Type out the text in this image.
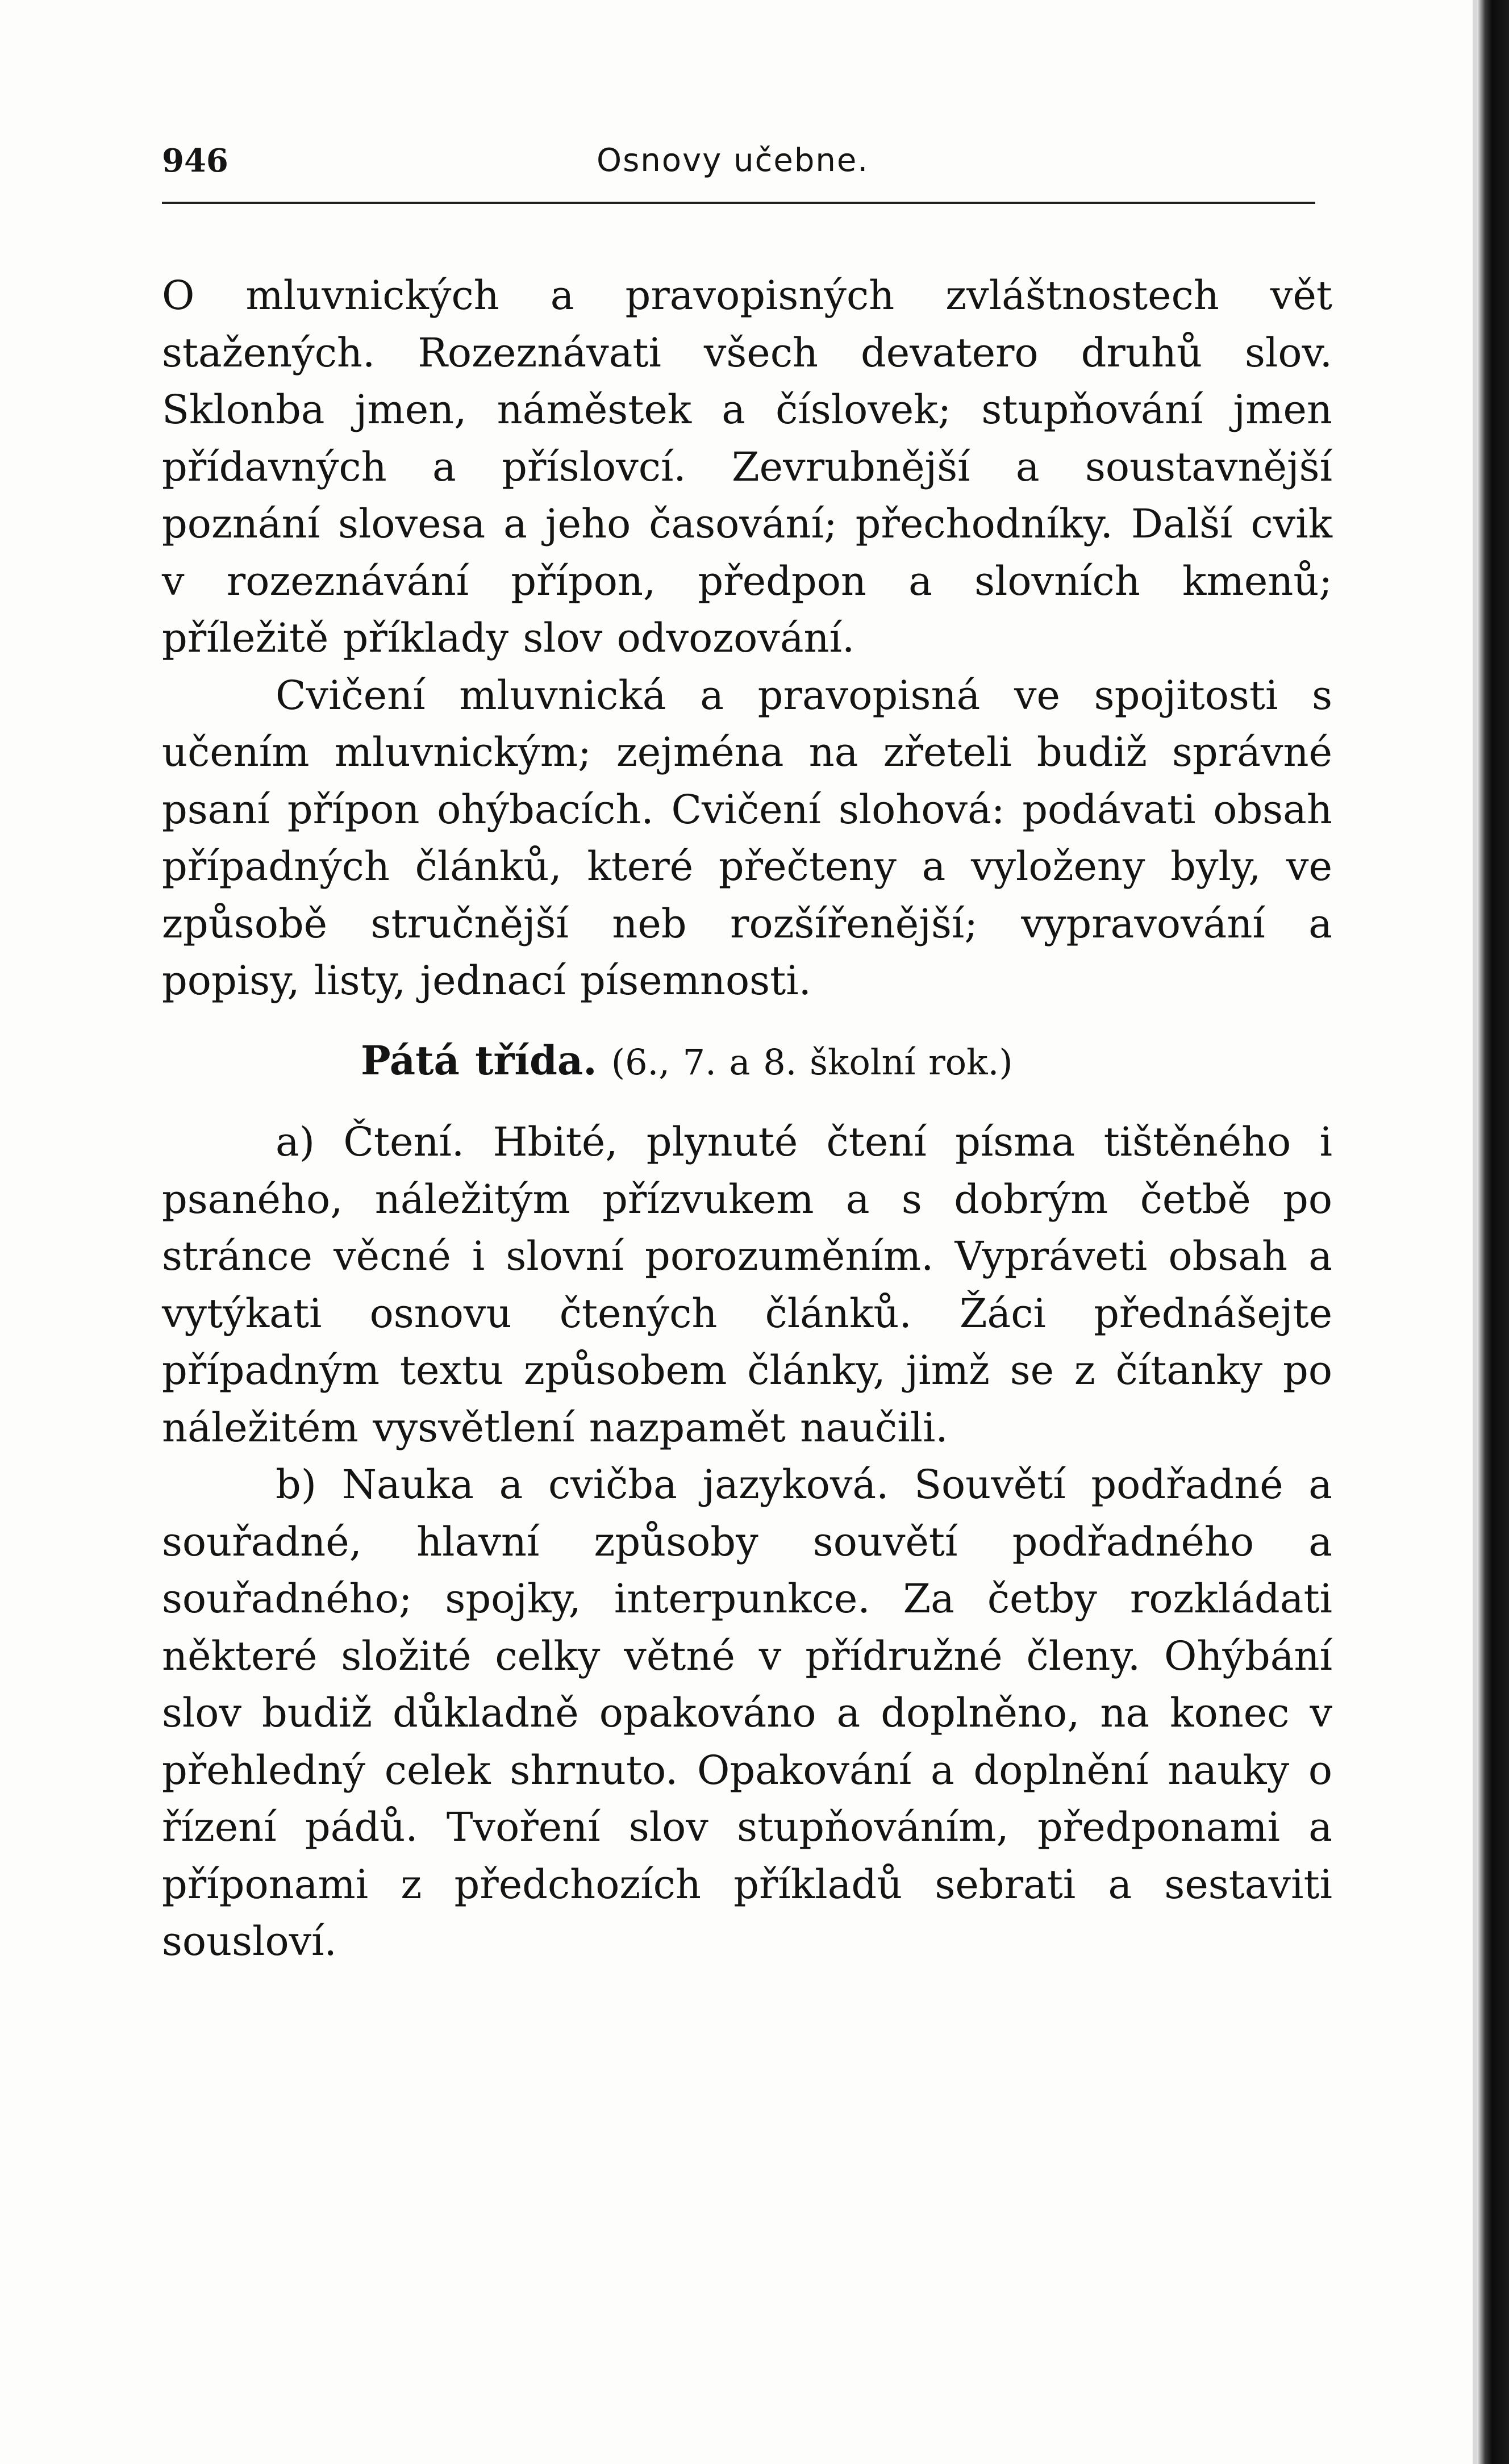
946	Osnovy učebne.

O mluvnických a pravopisných zvláštnostech vět stažených. Rozeznávati všech devatero druhů slov. Sklonba jmen, náměstek a číslovek; stupňování jmen přídavných a příslovcí. Zevrubnější a soustavnější poznání slovesa a jeho časování; přechodníky. Další cvik v rozeznávání přípon, předpon a slovních kmenů; příležitě příklady slov odvozování.

Cvičení mluvnická a pravopisná ve spojitosti s učením mluvnickým; zejména na zřeteli budiž správné psaní přípon ohýbacích. Cvičení slohová: podávati obsah případných článků, které přečteny a vyloženy byly, ve způsobě stručnější neb rozšířenější; vypravování a popisy, listy, jednací písemnosti.

Pátá třída. (6., 7. a 8. školní rok.)

a) Čtení. Hbité, plynuté čtení písma tištěného i psaného, náležitým přízvukem a s dobrým četbě po stránce věcné i slovní porozuměním. Vypráveti obsah a vytýkati osnovu čtených článků. Žáci přednášejte případným textu způsobem články, jimž se z čítanky po náležitém vysvětlení nazpamět naučili.

b) Nauka a cvičba jazyková. Souvětí podřadné a souřadné, hlavní způsoby souvětí podřadného a souřadného; spojky, interpunkce. Za četby rozkládati některé složité celky větné v přídružné členy. Ohýbání slov budiž důkladně opakováno a doplněno, na konec v přehledný celek shrnuto. Opakování a doplnění nauky o řízení pádů. Tvoření slov stupňováním, předponami a příponami z předchozích příkladů sebrati a sestaviti sousloví.
